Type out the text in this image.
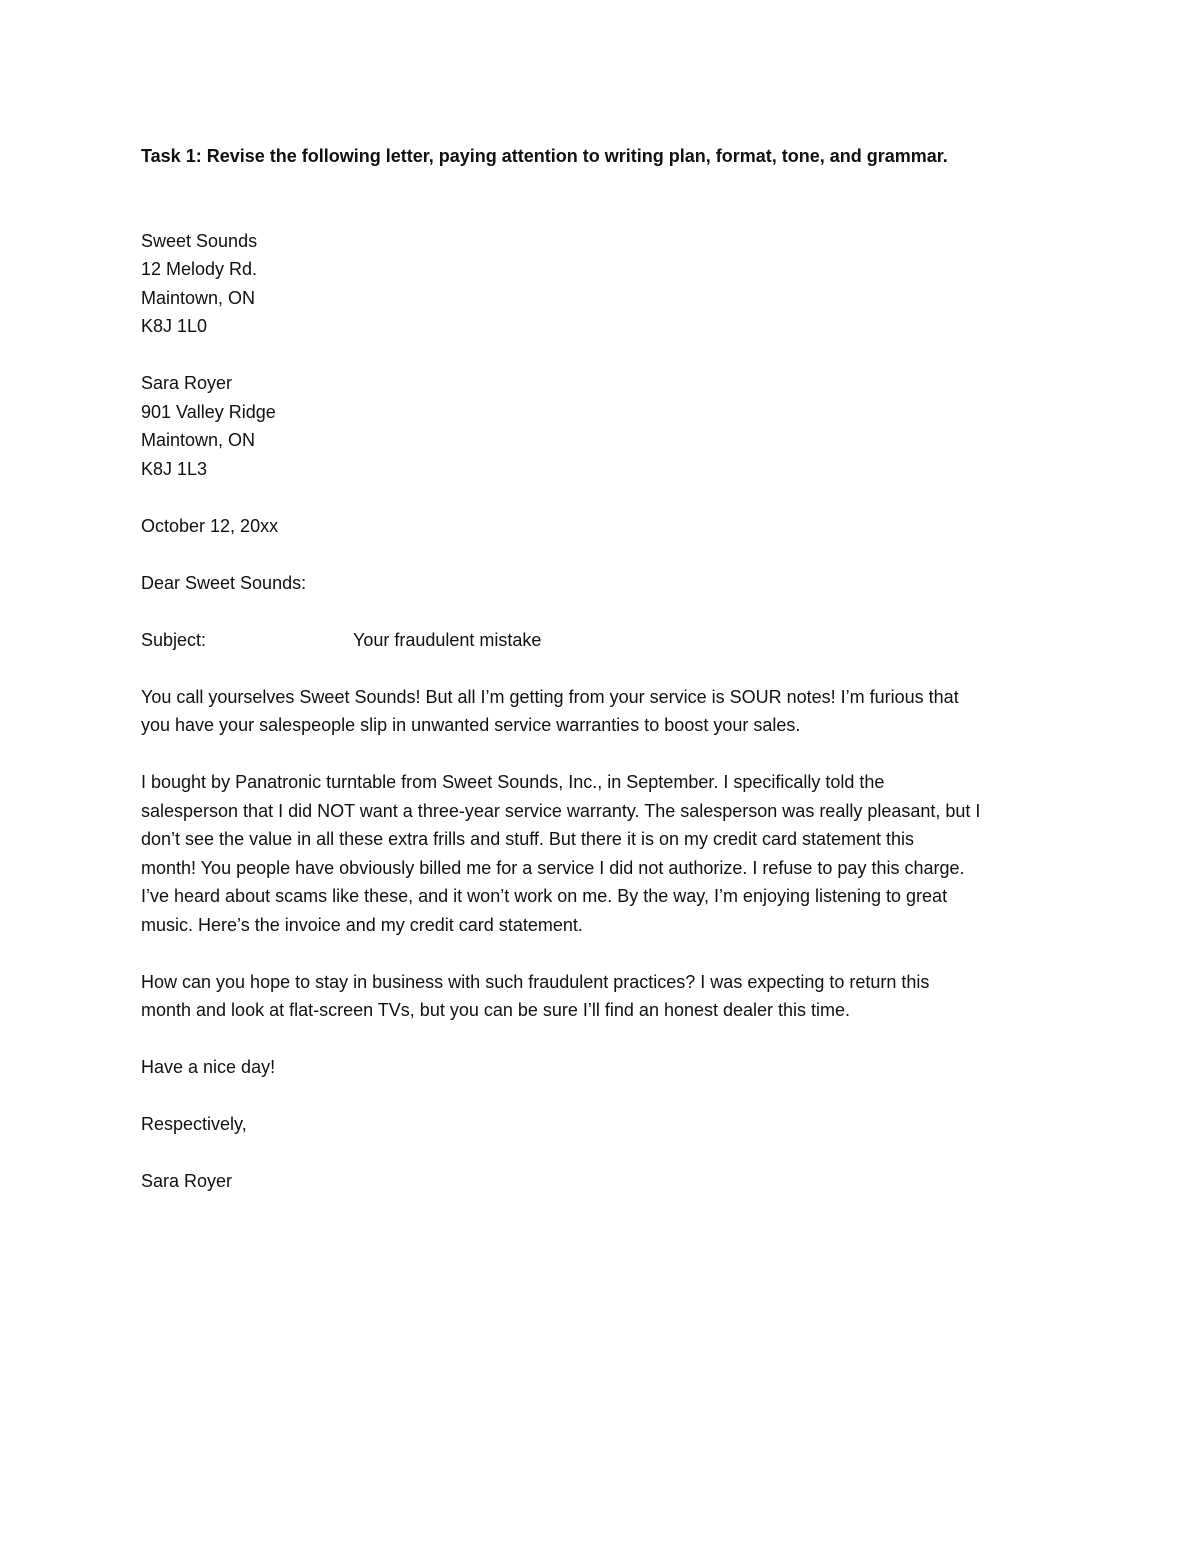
Task 1: Revise the following letter, paying attention to writing plan, format, tone, and grammar.
Sweet Sounds
12 Melody Rd.
Maintown, ON
K8J 1L0
Sara Royer
901 Valley Ridge
Maintown, ON
K8J 1L3
October 12, 20xx
Dear Sweet Sounds:
Subject:	Your fraudulent mistake
You call yourselves Sweet Sounds! But all I’m getting from your service is SOUR notes! I’m furious that
you have your salespeople slip in unwanted service warranties to boost your sales.
I bought by Panatronic turntable from Sweet Sounds, Inc., in September. I specifically told the
salesperson that I did NOT want a three-year service warranty. The salesperson was really pleasant, but I
don’t see the value in all these extra frills and stuff. But there it is on my credit card statement this
month! You people have obviously billed me for a service I did not authorize. I refuse to pay this charge.
I’ve heard about scams like these, and it won’t work on me. By the way, I’m enjoying listening to great
music. Here’s the invoice and my credit card statement.
How can you hope to stay in business with such fraudulent practices? I was expecting to return this
month and look at flat-screen TVs, but you can be sure I’ll find an honest dealer this time.
Have a nice day!
Respectively,
Sara Royer
